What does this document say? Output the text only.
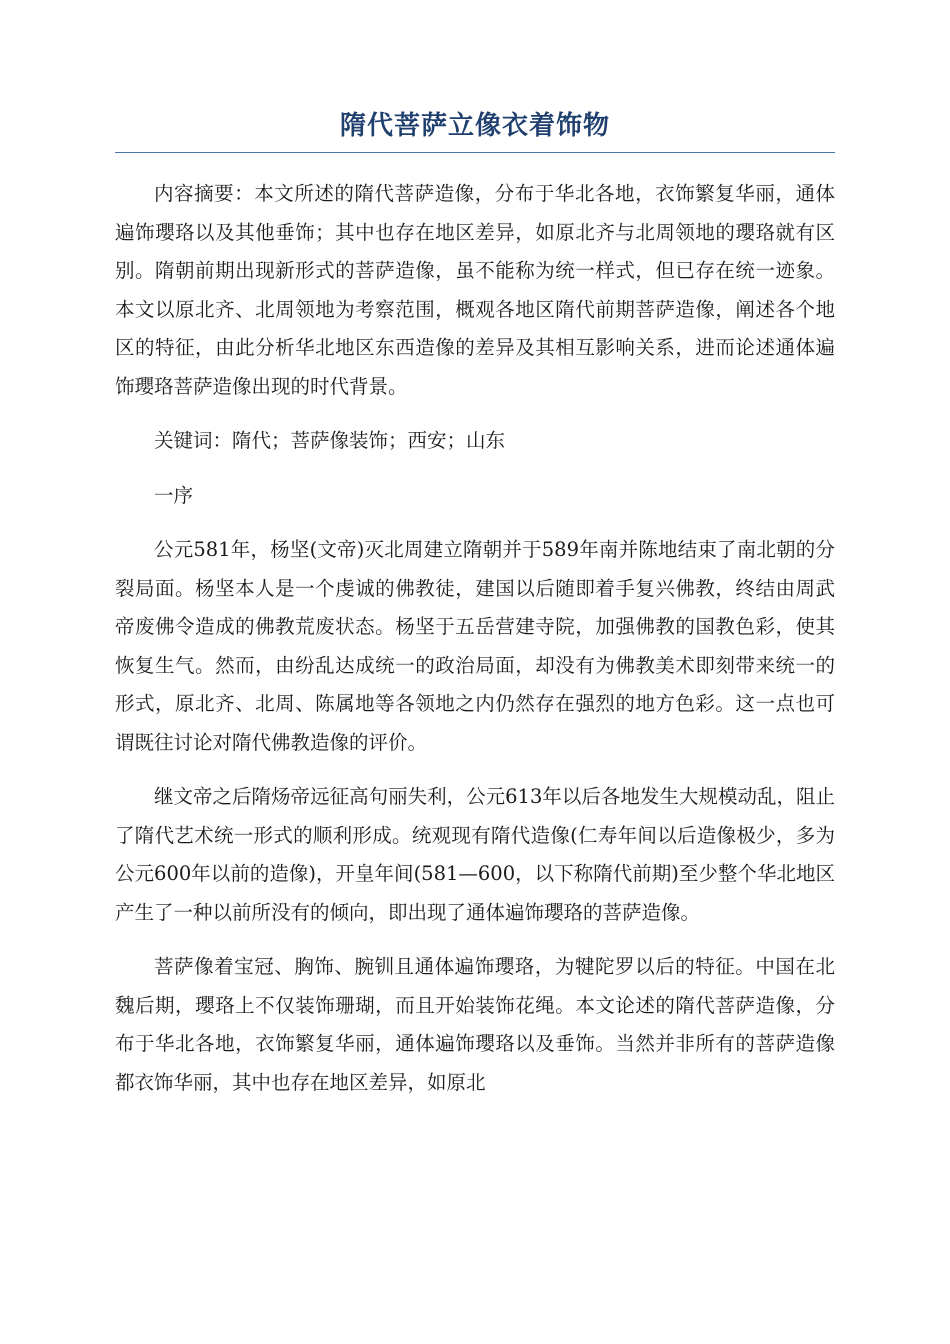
隋代菩萨立像衣着饰物

内容摘要：本文所述的隋代菩萨造像，分布于华北各地，衣饰繁复华丽，通体遍饰瓔珞以及其他垂饰；其中也存在地区差异，如原北齐与北周领地的瓔珞就有区别。隋朝前期出现新形式的菩萨造像，虽不能称为统一样式，但已存在统一迹象。本文以原北齐、北周领地为考察范围，概观各地区隋代前期菩萨造像，阐述各个地区的特征，由此分析华北地区东西造像的差异及其相互影响关系，进而论述通体遍饰瓔珞菩萨造像出现的时代背景。

关键词：隋代；菩萨像装饰；西安；山东

一序

公元581年，杨坚(文帝)灭北周建立隋朝并于589年南并陈地结束了南北朝的分裂局面。杨坚本人是一个虔诚的佛教徒，建国以后随即着手复兴佛教，终结由周武帝废佛令造成的佛教荒废状态。杨坚于五岳营建寺院，加强佛教的国教色彩，使其恢复生气。然而，由纷乱达成统一的政治局面，却没有为佛教美术即刻带来统一的形式，原北齐、北周、陈属地等各领地之内仍然存在强烈的地方色彩。这一点也可谓既往讨论对隋代佛教造像的评价。

继文帝之后隋炀帝远征高句丽失利，公元613年以后各地发生大规模动乱，阻止了隋代艺术统一形式的顺利形成。统观现有隋代造像(仁寿年间以后造像极少，多为公元600年以前的造像)，开皇年间(581—600，以下称隋代前期)至少整个华北地区产生了一种以前所没有的倾向，即出现了通体遍饰瓔珞的菩萨造像。

菩萨像着宝冠、胸饰、腕钏且通体遍饰瓔珞，为犍陀罗以后的特征。中国在北魏后期，瓔珞上不仅装饰珊瑚，而且开始装饰花绳。本文论述的隋代菩萨造像，分布于华北各地，衣饰繁复华丽，通体遍饰瓔珞以及垂饰。当然并非所有的菩萨造像都衣饰华丽，其中也存在地区差异，如原北
